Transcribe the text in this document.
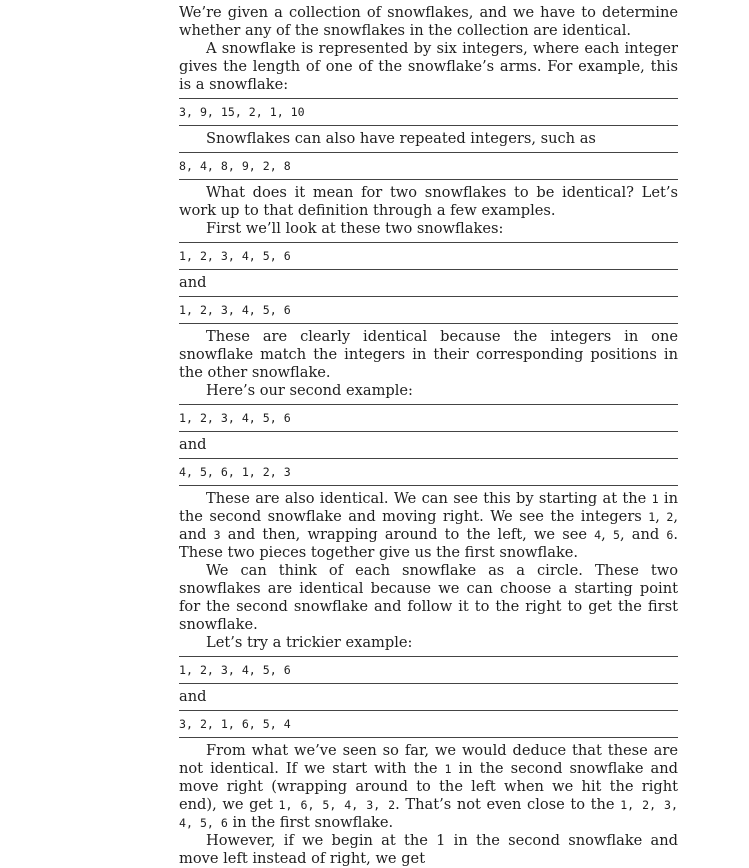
We’re given a collection of snowflakes, and we have to determine whether any of the snowflakes in the collection are identical.

A snowflake is represented by six integers, where each integer gives the length of one of the snowflake’s arms. For example, this is a snowflake:

3, 9, 15, 2, 1, 10

Snowflakes can also have repeated integers, such as

8, 4, 8, 9, 2, 8

What does it mean for two snowflakes to be identical? Let’s work up to that definition through a few examples.

First we’ll look at these two snowflakes:

1, 2, 3, 4, 5, 6

and

1, 2, 3, 4, 5, 6

These are clearly identical because the integers in one snowflake match the integers in their corresponding positions in the other snowflake.

Here’s our second example:

1, 2, 3, 4, 5, 6

and

4, 5, 6, 1, 2, 3

These are also identical. We can see this by starting at the 1 in the second snowflake and moving right. We see the integers 1, 2, and 3 and then, wrapping around to the left, we see 4, 5, and 6. These two pieces together give us the first snowflake.

We can think of each snowflake as a circle. These two snowflakes are identical because we can choose a starting point for the second snowflake and follow it to the right to get the first snowflake.

Let’s try a trickier example:

1, 2, 3, 4, 5, 6

and

3, 2, 1, 6, 5, 4

From what we’ve seen so far, we would deduce that these are not identical. If we start with the 1 in the second snowflake and move right (wrapping around to the left when we hit the right end), we get 1, 6, 5, 4, 3, 2. That’s not even close to the 1, 2, 3, 4, 5, 6 in the first snowflake.

However, if we begin at the 1 in the second snowflake and move left instead of right, we get
